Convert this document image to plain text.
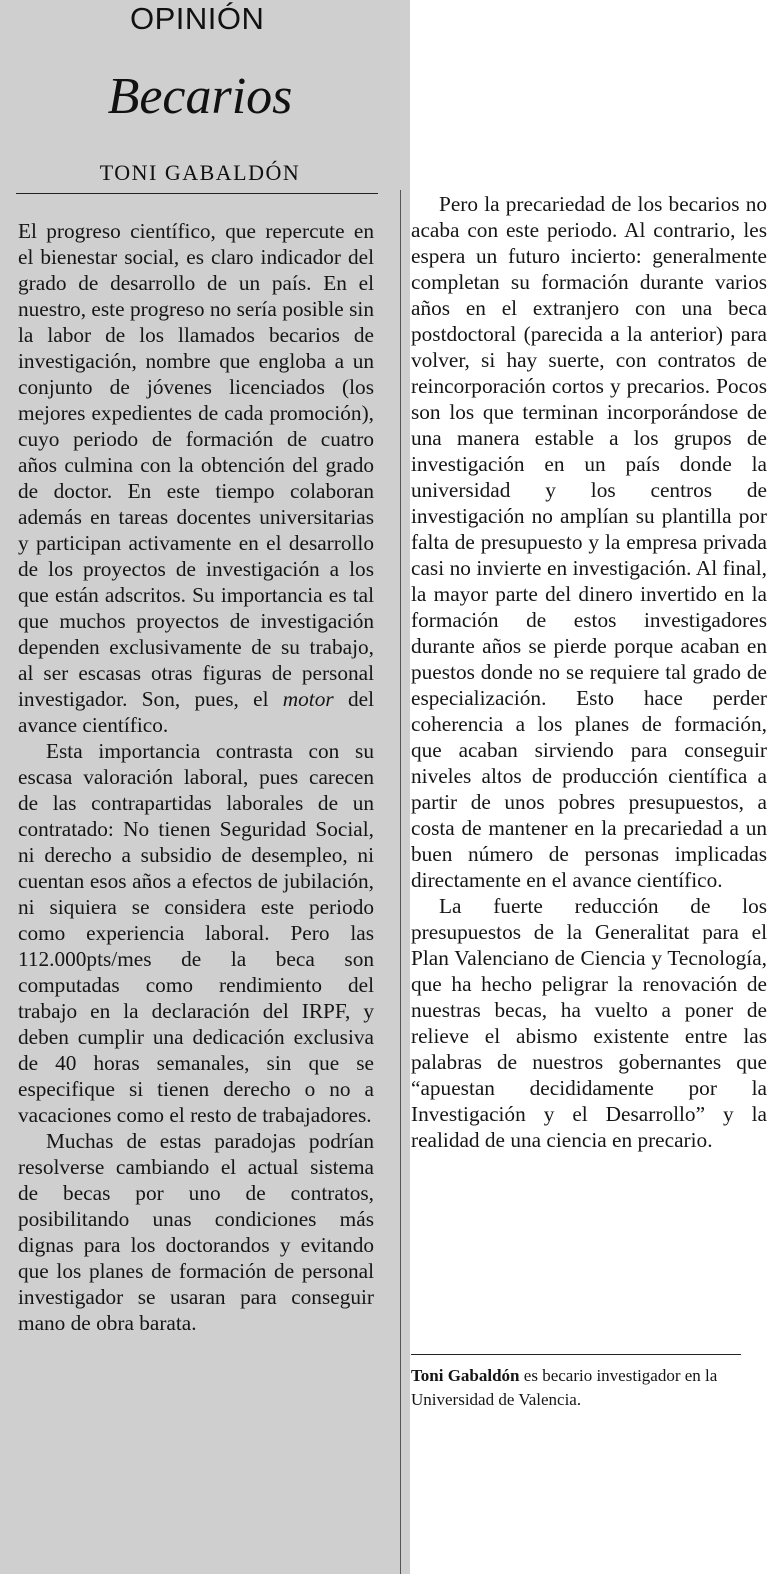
OPINIÓN
Becarios
TONI GABALDÓN

El progreso científico, que repercute en el bienestar social, es claro indicador del grado de desarrollo de un país. En el nuestro, este progreso no sería posible sin la labor de los llamados becarios de investigación, nombre que engloba a un conjunto de jóvenes licenciados (los mejores expedientes de cada promoción), cuyo periodo de formación de cuatro años culmina con la obtención del grado de doctor. En este tiempo colaboran además en tareas docentes universitarias y participan activamente en el desarrollo de los proyectos de investigación a los que están adscritos. Su importancia es tal que muchos proyectos de investigación dependen exclusivamente de su trabajo, al ser escasas otras figuras de personal investigador. Son, pues, el motor del avance científico.

Esta importancia contrasta con su escasa valoración laboral, pues carecen de las contrapartidas laborales de un contratado: No tienen Seguridad Social, ni derecho a subsidio de desempleo, ni cuentan esos años a efectos de jubilación, ni siquiera se considera este periodo como experiencia laboral. Pero las 112.000pts/mes de la beca son computadas como rendimiento del trabajo en la declaración del IRPF, y deben cumplir una dedicación exclusiva de 40 horas semanales, sin que se especifique si tienen derecho o no a vacaciones como el resto de trabajadores.

Muchas de estas paradojas podrían resolverse cambiando el actual sistema de becas por uno de contratos, posibilitando unas condiciones más dignas para los doctorandos y evitando que los planes de formación de personal investigador se usaran para conseguir mano de obra barata.

Pero la precariedad de los becarios no acaba con este periodo. Al contrario, les espera un futuro incierto: generalmente completan su formación durante varios años en el extranjero con una beca postdoctoral (parecida a la anterior) para volver, si hay suerte, con contratos de reincorporación cortos y precarios. Pocos son los que terminan incorporándose de una manera estable a los grupos de investigación en un país donde la universidad y los centros de investigación no amplían su plantilla por falta de presupuesto y la empresa privada casi no invierte en investigación. Al final, la mayor parte del dinero invertido en la formación de estos investigadores durante años se pierde porque acaban en puestos donde no se requiere tal grado de especialización. Esto hace perder coherencia a los planes de formación, que acaban sirviendo para conseguir niveles altos de producción científica a partir de unos pobres presupuestos, a costa de mantener en la precariedad a un buen número de personas implicadas directamente en el avance científico.

La fuerte reducción de los presupuestos de la Generalitat para el Plan Valenciano de Ciencia y Tecnología, que ha hecho peligrar la renovación de nuestras becas, ha vuelto a poner de relieve el abismo existente entre las palabras de nuestros gobernantes que “apuestan decididamente por la Investigación y el Desarrollo” y la realidad de una ciencia en precario.

Toni Gabaldón es becario investigador en la Universidad de Valencia.
